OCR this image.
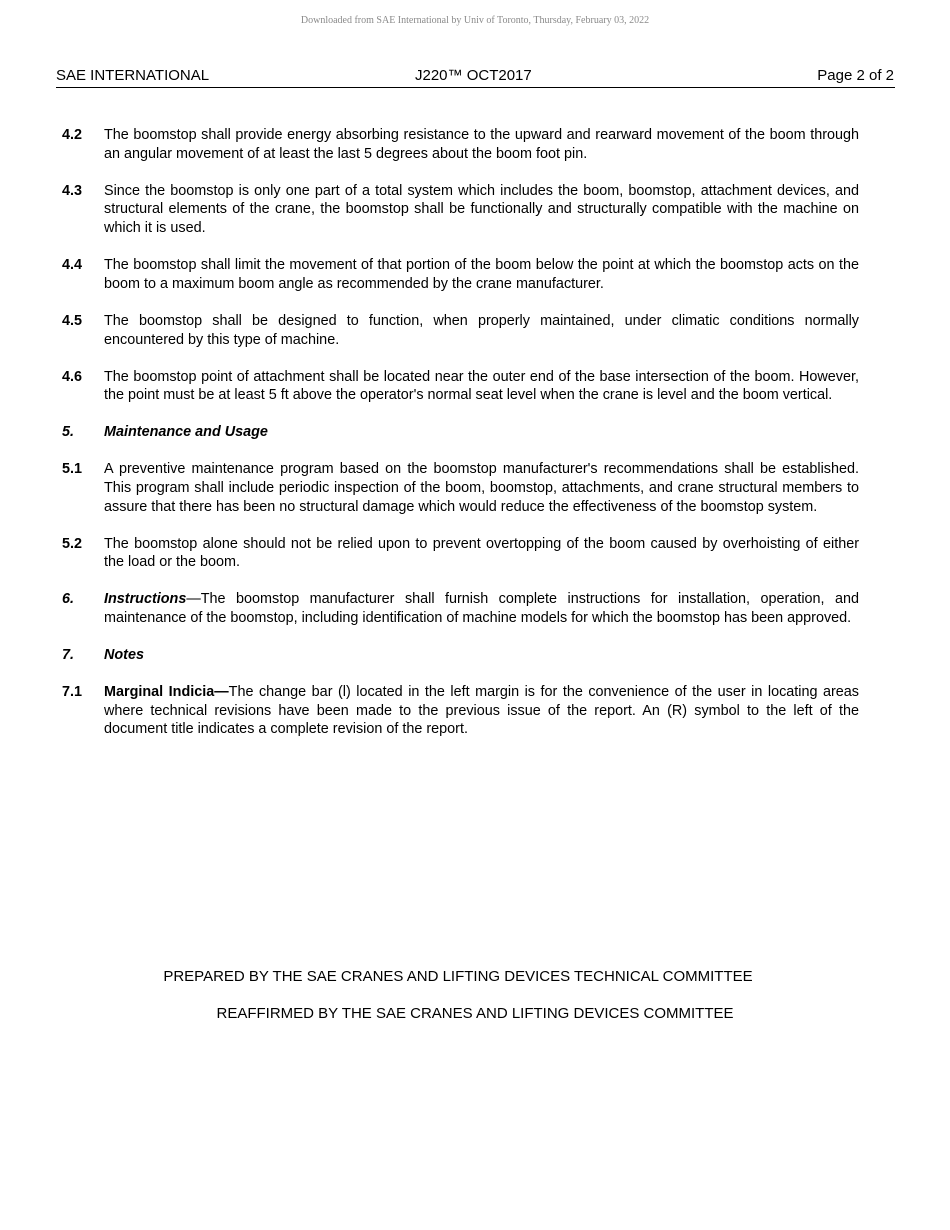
Downloaded from SAE International by Univ of Toronto, Thursday, February 03, 2022
SAE INTERNATIONAL	J220™ OCT2017	Page 2 of 2
4.2	The boomstop shall provide energy absorbing resistance to the upward and rearward movement of the boom through an angular movement of at least the last 5 degrees about the boom foot pin.
4.3	Since the boomstop is only one part of a total system which includes the boom, boomstop, attachment devices, and structural elements of the crane, the boomstop shall be functionally and structurally compatible with the machine on which it is used.
4.4	The boomstop shall limit the movement of that portion of the boom below the point at which the boomstop acts on the boom to a maximum boom angle as recommended by the crane manufacturer.
4.5	The boomstop shall be designed to function, when properly maintained, under climatic conditions normally encountered by this type of machine.
4.6	The boomstop point of attachment shall be located near the outer end of the base intersection of the boom. However, the point must be at least 5 ft above the operator's normal seat level when the crane is level and the boom vertical.
5.	Maintenance and Usage
5.1	A preventive maintenance program based on the boomstop manufacturer's recommendations shall be established. This program shall include periodic inspection of the boom, boomstop, attachments, and crane structural members to assure that there has been no structural damage which would reduce the effectiveness of the boomstop system.
5.2	The boomstop alone should not be relied upon to prevent overtopping of the boom caused by overhoisting of either the load or the boom.
6.	Instructions—The boomstop manufacturer shall furnish complete instructions for installation, operation, and maintenance of the boomstop, including identification of machine models for which the boomstop has been approved.
7.	Notes
7.1	Marginal Indicia—The change bar (l) located in the left margin is for the convenience of the user in locating areas where technical revisions have been made to the previous issue of the report. An (R) symbol to the left of the document title indicates a complete revision of the report.
PREPARED BY THE SAE CRANES AND LIFTING DEVICES TECHNICAL COMMITTEE
REAFFIRMED BY THE SAE CRANES AND LIFTING DEVICES COMMITTEE
